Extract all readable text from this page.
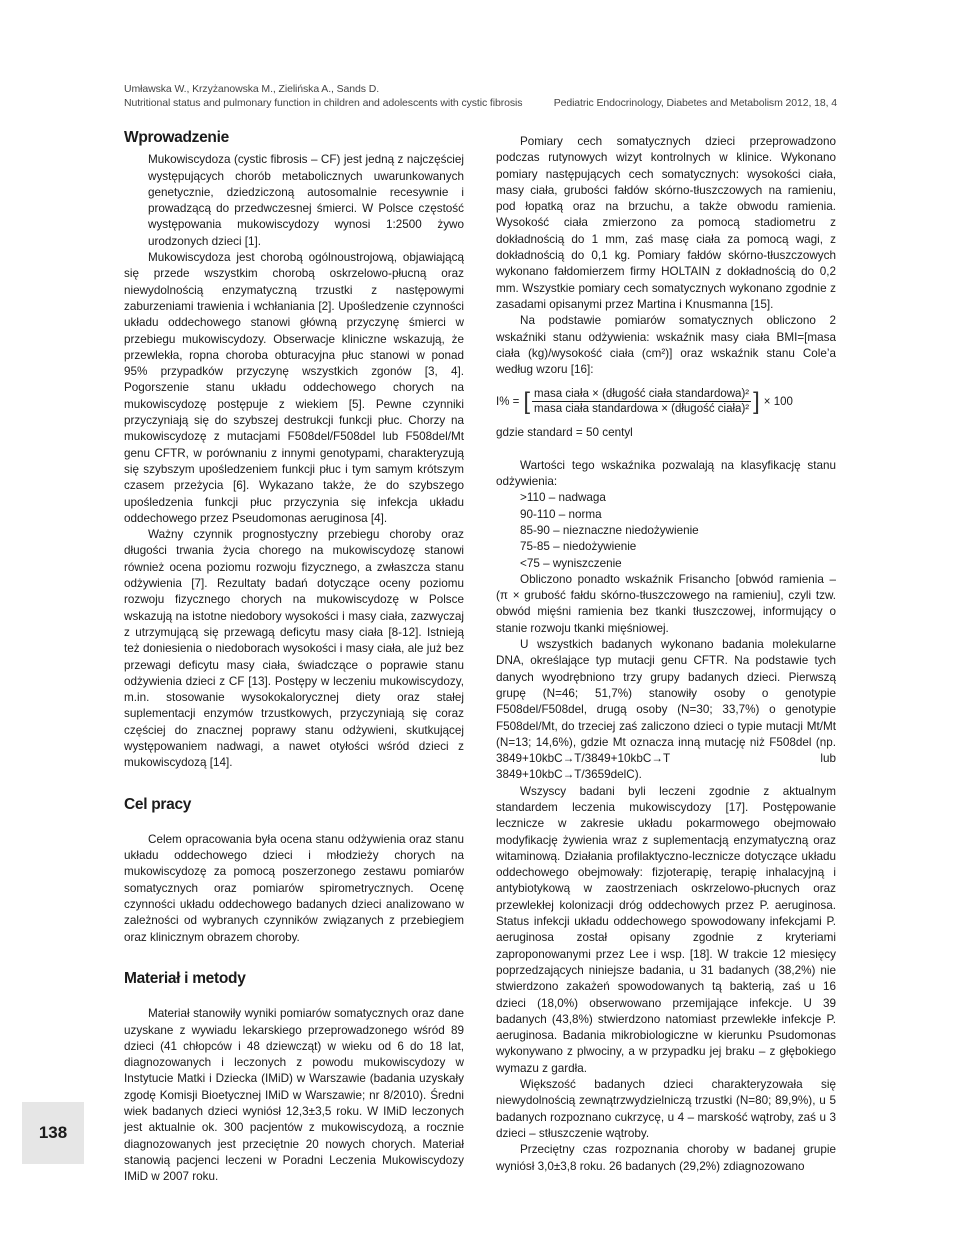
Umławska W., Krzyżanowska M., Zielińska A., Sands D.
Nutritional status and pulmonary function in children and adolescents with cystic fibrosis	Pediatric Endocrinology, Diabetes and Metabolism 2012, 18, 4
Wprowadzenie

Mukowiscydoza (cystic fibrosis – CF) jest jedną z najczęściej występujących chorób metabolicznych uwarunkowanych genetycznie, dziedziczoną autosomalnie recesywnie i prowadzącą do przedwczesnej śmierci. W Polsce częstość występowania mukowiscydozy wynosi 1:2500 żywo urodzonych dzieci [1].

Mukowiscydoza jest chorobą ogólnoustrojową, objawiającą się przede wszystkim chorobą oskrzelowo-płucną oraz niewydolnością enzymatyczną trzustki z następowymi zaburzeniami trawienia i wchłaniania [2]. Upośledzenie czynności układu oddechowego stanowi główną przyczynę śmierci w przebiegu mukowiscydozy. Obserwacje kliniczne wskazują, że przewlekła, ropna choroba obturacyjna płuc stanowi w ponad 95% przypadków przyczynę wszystkich zgonów [3, 4]. Pogorszenie stanu układu oddechowego chorych na mukowiscydozę postępuje z wiekiem [5]. Pewne czynniki przyczyniają się do szybszej destrukcji funkcji płuc. Chorzy na mukowiscydozę z mutacjami F508del/F508del lub F508del/Mt genu CFTR, w porównaniu z innymi genotypami, charakteryzują się szybszym upośledzeniem funkcji płuc i tym samym krótszym czasem przeżycia [6]. Wykazano także, że do szybszego upośledzenia funkcji płuc przyczynia się infekcja układu oddechowego przez Pseudomonas aeruginosa [4].

Ważny czynnik prognostyczny przebiegu choroby oraz długości trwania życia chorego na mukowiscydozę stanowi również ocena poziomu rozwoju fizycznego, a zwłaszcza stanu odżywienia [7]. Rezultaty badań dotyczące oceny poziomu rozwoju fizycznego chorych na mukowiscydozę w Polsce wskazują na istotne niedobory wysokości i masy ciała, zazwyczaj z utrzymującą się przewagą deficytu masy ciała [8-12]. Istnieją też doniesienia o niedoborach wysokości i masy ciała, ale już bez przewagi deficytu masy ciała, świadczące o poprawie stanu odżywienia dzieci z CF [13]. Postępy w leczeniu mukowiscydozy, m.in. stosowanie wysokokalorycznej diety oraz stałej suplementacji enzymów trzustkowych, przyczyniają się coraz częściej do znacznej poprawy stanu odżywieni, skutkującej występowaniem nadwagi, a nawet otyłości wśród dzieci z mukowiscydozą [14].

Cel pracy

Celem opracowania była ocena stanu odżywienia oraz stanu układu oddechowego dzieci i młodzieży chorych na mukowiscydozę za pomocą poszerzonego zestawu pomiarów somatycznych oraz pomiarów spirometrycznych. Ocenę czynności układu oddechowego badanych dzieci analizowano w zależności od wybranych czynników związanych z przebiegiem oraz klinicznym obrazem choroby.

Materiał i metody

Materiał stanowiły wyniki pomiarów somatycznych oraz dane uzyskane z wywiadu lekarskiego przeprowadzonego wśród 89 dzieci (41 chłopców i 48 dziewcząt) w wieku od 6 do 18 lat, diagnozowanych i leczonych z powodu mukowiscydozy w Instytucie Matki i Dziecka (IMiD) w Warszawie (badania uzyskały zgodę Komisji Bioetycznej IMiD w Warszawie; nr 8/2010). Średni wiek badanych dzieci wyniósł 12,3±3,5 roku. W IMiD leczonych jest aktualnie ok. 300 pacjentów z mukowiscydozą, a rocznie diagnozowanych jest przeciętnie 20 nowych chorych. Materiał stanowią pacjenci leczeni w Poradni Leczenia Mukowiscydozy IMiD w 2007 roku.

Pomiary cech somatycznych dzieci przeprowadzono podczas rutynowych wizyt kontrolnych w klinice. Wykonano pomiary następujących cech somatycznych: wysokości ciała, masy ciała, grubości fałdów skórno-tłuszczowych na ramieniu, pod łopatką oraz na brzuchu, a także obwodu ramienia. Wysokość ciała zmierzono za pomocą stadiometru z dokładnością do 1 mm, zaś masę ciała za pomocą wagi, z dokładnością do 0,1 kg. Pomiary fałdów skórno-tłuszczowych wykonano fałdomierzem firmy HOLTAIN z dokładnością do 0,2 mm. Wszystkie pomiary cech somatycznych wykonano zgodnie z zasadami opisanymi przez Martina i Knusmanna [15].

Na podstawie pomiarów somatycznych obliczono 2 wskaźniki stanu odżywienia: wskaźnik masy ciała BMI=[masa ciała (kg)/wysokość ciała (cm²)] oraz wskaźnik stanu Cole’a według wzoru [16]:

I% = [ $\frac{\text{masa ciała × (długość ciała standardowa)²}}{\text{masa ciała standardowa × (długość ciała)²}}$ ] × 100

gdzie standard = 50 centyl

Wartości tego wskaźnika pozwalają na klasyfikację stanu odżywienia:

>110 – nadwaga

90-110 – norma

85-90 – nieznaczne niedożywienie

75-85 – niedożywienie

<75 – wyniszczenie

Obliczono ponadto wskaźnik Frisancho [obwód ramienia – (π × grubość fałdu skórno-tłuszczowego na ramieniu], czyli tzw. obwód mięśni ramienia bez tkanki tłuszczowej, informujący o stanie rozwoju tkanki mięśniowej.

U wszystkich badanych wykonano badania molekularne DNA, określające typ mutacji genu CFTR. Na podstawie tych danych wyodrębniono trzy grupy badanych dzieci. Pierwszą grupę (N=46; 51,7%) stanowiły osoby o genotypie F508del/F508del, drugą osoby (N=30; 33,7%) o genotypie F508del/Mt, do trzeciej zaś zaliczono dzieci o typie mutacji Mt/Mt (N=13; 14,6%), gdzie Mt oznacza inną mutację niż F508del (np. 3849+10kbC→T/3849+10kbC→T lub 3849+10kbC→T/3659delC).

Wszyscy badani byli leczeni zgodnie z aktualnym standardem leczenia mukowiscydozy [17]. Postępowanie lecznicze w zakresie układu pokarmowego obejmowało modyfikację żywienia wraz z suplementacją enzymatyczną oraz witaminową. Działania profilaktyczno-lecznicze dotyczące układu oddechowego obejmowały: fizjoterapię, terapię inhalacyjną i antybiotykową w zaostrzeniach oskrzelowo-płucnych oraz przewlekłej kolonizacji dróg oddechowych przez P. aeruginosa. Status infekcji układu oddechowego spowodowany infekcjami P. aeruginosa został opisany zgodnie z kryteriami zaproponowanymi przez Lee i wsp. [18]. W trakcie 12 miesięcy poprzedzających niniejsze badania, u 31 badanych (38,2%) nie stwierdzono zakażeń spowodowanych tą bakterią, zaś u 16 dzieci (18,0%) obserwowano przemijające infekcje. U 39 badanych (43,8%) stwierdzono natomiast przewlekłe infekcje P. aeruginosa. Badania mikrobiologiczne w kierunku Psudomonas wykonywano z plwociny, a w przypadku jej braku – z głębokiego wymazu z gardła.

Większość badanych dzieci charakteryzowała się niewydolnością zewnątrzwydzielniczą trzustki (N=80; 89,9%), u 5 badanych rozpoznano cukrzycę, u 4 – marskość wątroby, zaś u 3 dzieci – stłuszczenie wątroby.

Przeciętny czas rozpoznania choroby w badanej grupie wyniósł 3,0±3,8 roku. 26 badanych (29,2%) zdiagnozowano

138
